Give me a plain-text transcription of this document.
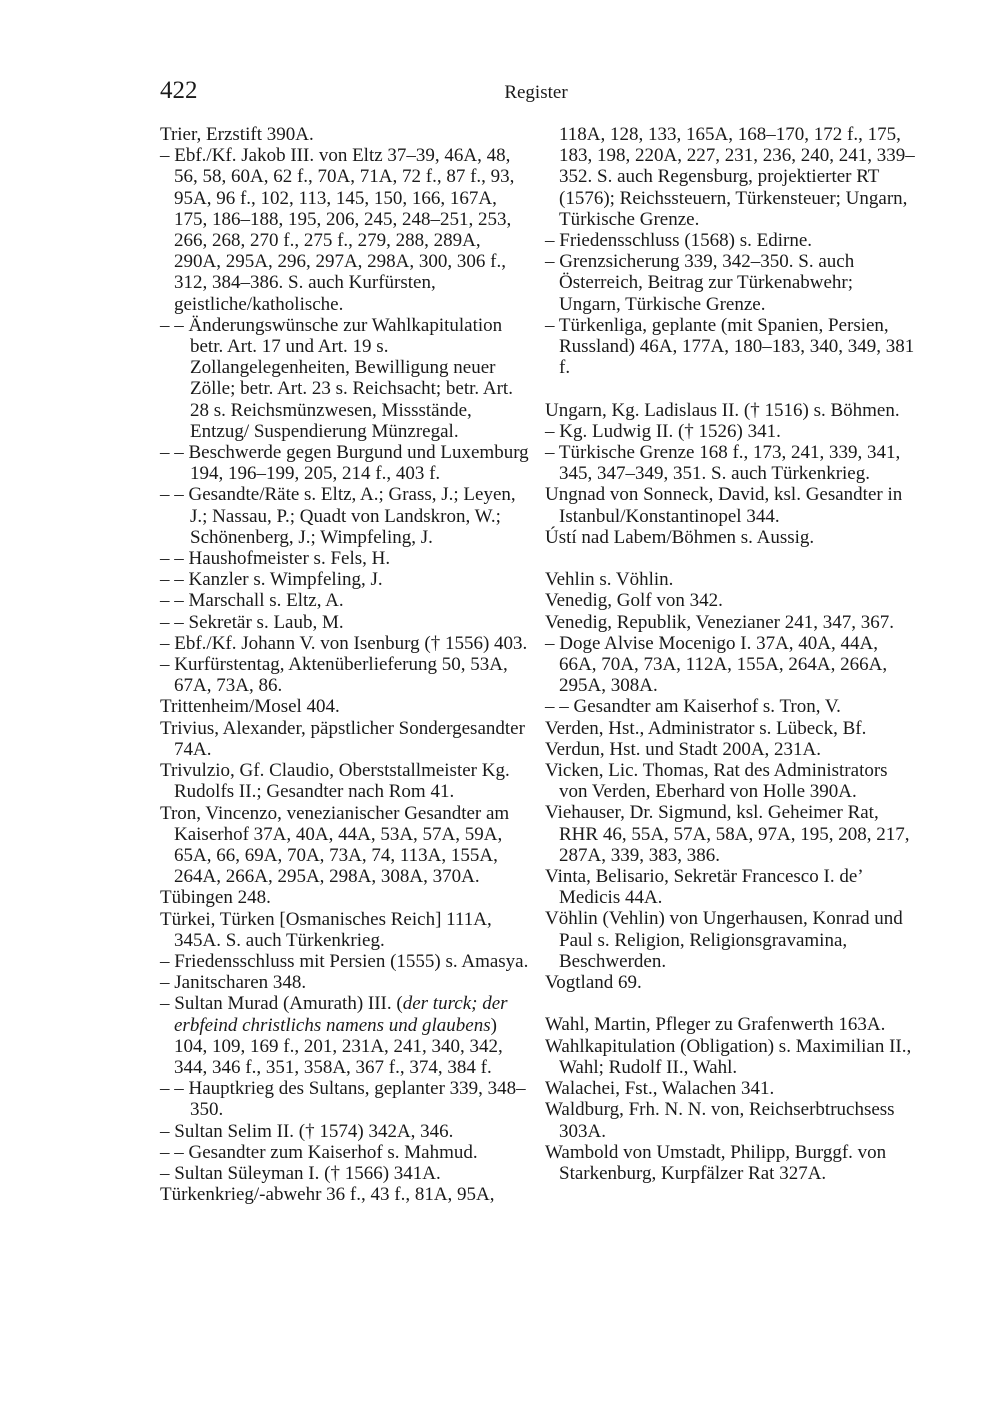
422	Register
Trier, Erzstift 390A.
– Ebf./Kf. Jakob III. von Eltz 37–39, 46A, 48, 56, 58, 60A, 62 f., 70A, 71A, 72 f., 87 f., 93, 95A, 96 f., 102, 113, 145, 150, 166, 167A, 175, 186–188, 195, 206, 245, 248–251, 253, 266, 268, 270 f., 275 f., 279, 288, 289A, 290A, 295A, 296, 297A, 298A, 300, 306 f., 312, 384–386. S. auch Kurfürsten, geistliche/katholische.
– – Änderungswünsche zur Wahlkapitulation betr. Art. 17 und Art. 19 s. Zollangelegenheiten, Bewilligung neuer Zölle; betr. Art. 23 s. Reichsacht; betr. Art. 28 s. Reichsmünzwesen, Missstände, Entzug/ Suspendierung Münzregal.
– – Beschwerde gegen Burgund und Luxemburg 194, 196–199, 205, 214 f., 403 f.
– – Gesandte/Räte s. Eltz, A.; Grass, J.; Leyen, J.; Nassau, P.; Quadt von Landskron, W.; Schönenberg, J.; Wimpfeling, J.
– – Haushofmeister s. Fels, H.
– – Kanzler s. Wimpfeling, J.
– – Marschall s. Eltz, A.
– – Sekretär s. Laub, M.
– Ebf./Kf. Johann V. von Isenburg († 1556) 403.
– Kurfürstentag, Aktenüberlieferung 50, 53A, 67A, 73A, 86.
Trittenheim/Mosel 404.
Trivius, Alexander, päpstlicher Sondergesandter 74A.
Trivulzio, Gf. Claudio, Oberststallmeister Kg. Rudolfs II.; Gesandter nach Rom 41.
Tron, Vincenzo, venezianischer Gesandter am Kaiserhof 37A, 40A, 44A, 53A, 57A, 59A, 65A, 66, 69A, 70A, 73A, 74, 113A, 155A, 264A, 266A, 295A, 298A, 308A, 370A.
Tübingen 248.
Türkei, Türken [Osmanisches Reich] 111A, 345A. S. auch Türkenkrieg.
– Friedensschluss mit Persien (1555) s. Amasya.
– Janitscharen 348.
– Sultan Murad (Amurath) III. (der turck; der erbfeind christlichs namens und glaubens) 104, 109, 169 f., 201, 231A, 241, 340, 342, 344, 346 f., 351, 358A, 367 f., 374, 384 f.
– – Hauptkrieg des Sultans, geplanter 339, 348–350.
– Sultan Selim II. († 1574) 342A, 346.
– – Gesandter zum Kaiserhof s. Mahmud.
– Sultan Süleyman I. († 1566) 341A.
Türkenkrieg/-abwehr 36 f., 43 f., 81A, 95A,
118A, 128, 133, 165A, 168–170, 172 f., 175, 183, 198, 220A, 227, 231, 236, 240, 241, 339–352. S. auch Regensburg, projektierter RT (1576); Reichssteuern, Türkensteuer; Ungarn, Türkische Grenze.
– Friedensschluss (1568) s. Edirne.
– Grenzsicherung 339, 342–350. S. auch Österreich, Beitrag zur Türkenabwehr; Ungarn, Türkische Grenze.
– Türkenliga, geplante (mit Spanien, Persien, Russland) 46A, 177A, 180–183, 340, 349, 381 f.
Ungarn, Kg. Ladislaus II. († 1516) s. Böhmen.
– Kg. Ludwig II. († 1526) 341.
– Türkische Grenze 168 f., 173, 241, 339, 341, 345, 347–349, 351. S. auch Türkenkrieg.
Ungnad von Sonneck, David, ksl. Gesandter in Istanbul/Konstantinopel 344.
Ústí nad Labem/Böhmen s. Aussig.
Vehlin s. Vöhlin.
Venedig, Golf von 342.
Venedig, Republik, Venezianer 241, 347, 367.
– Doge Alvise Mocenigo I. 37A, 40A, 44A, 66A, 70A, 73A, 112A, 155A, 264A, 266A, 295A, 308A.
– – Gesandter am Kaiserhof s. Tron, V.
Verden, Hst., Administrator s. Lübeck, Bf.
Verdun, Hst. und Stadt 200A, 231A.
Vicken, Lic. Thomas, Rat des Administrators von Verden, Eberhard von Holle 390A.
Viehauser, Dr. Sigmund, ksl. Geheimer Rat, RHR 46, 55A, 57A, 58A, 97A, 195, 208, 217, 287A, 339, 383, 386.
Vinta, Belisario, Sekretär Francesco I. de’ Medicis 44A.
Vöhlin (Vehlin) von Ungerhausen, Konrad und Paul s. Religion, Religionsgravamina, Beschwerden.
Vogtland 69.
Wahl, Martin, Pfleger zu Grafenwerth 163A.
Wahlkapitulation (Obligation) s. Maximilian II., Wahl; Rudolf II., Wahl.
Walachei, Fst., Walachen 341.
Waldburg, Frh. N. N. von, Reichserbtruchsess 303A.
Wambold von Umstadt, Philipp, Burggf. von Starkenburg, Kurpfälzer Rat 327A.
